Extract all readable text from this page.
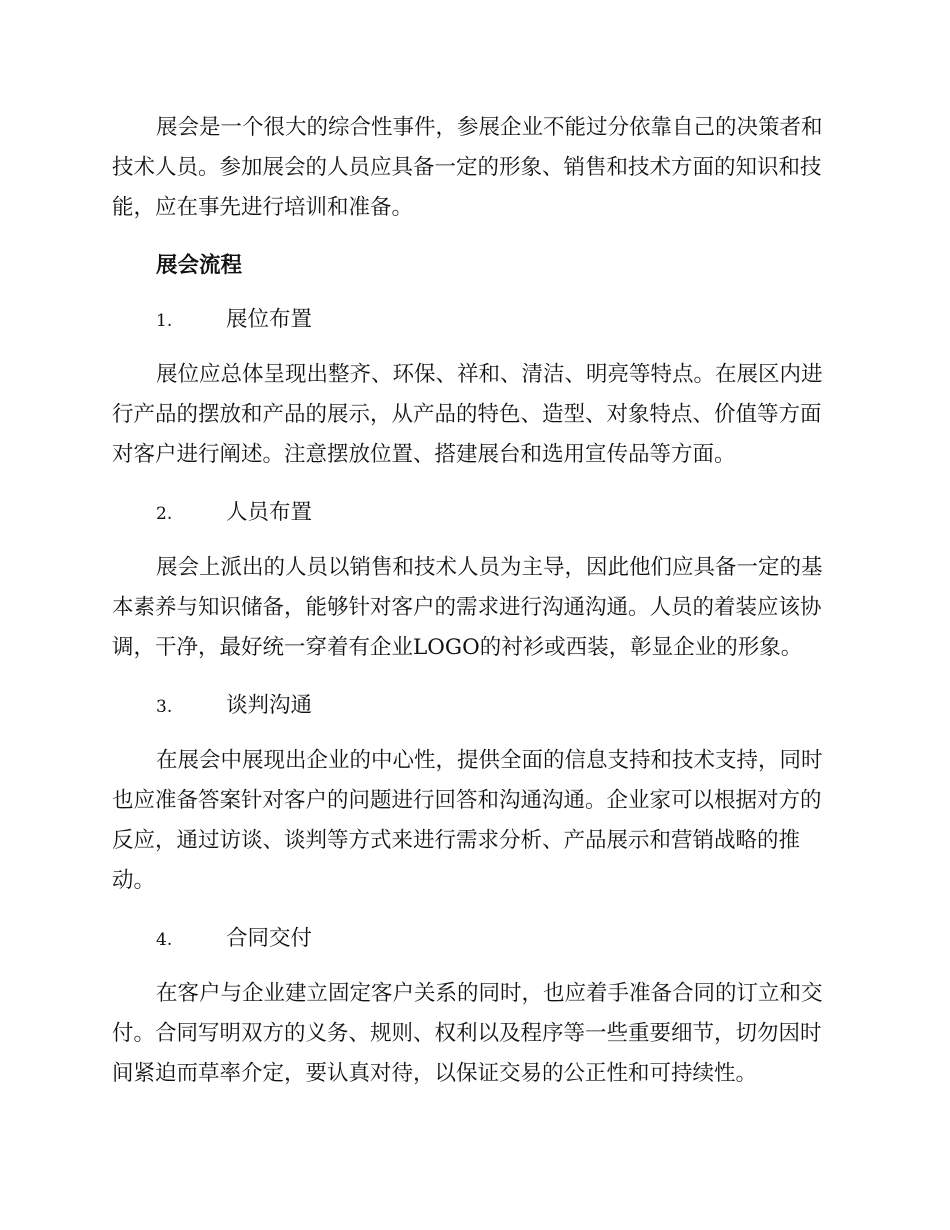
展会是一个很大的综合性事件，参展企业不能过分依靠自己的决策者和技术人员。参加展会的人员应具备一定的形象、销售和技术方面的知识和技能，应在事先进行培训和准备。

展会流程
1.	展位布置

展位应总体呈现出整齐、环保、祥和、清洁、明亮等特点。在展区内进行产品的摆放和产品的展示，从产品的特色、造型、对象特点、价值等方面对客户进行阐述。注意摆放位置、搭建展台和选用宣传品等方面。

2.	人员布置

展会上派出的人员以销售和技术人员为主导，因此他们应具备一定的基本素养与知识储备，能够针对客户的需求进行沟通沟通。人员的着装应该协调，干净，最好统一穿着有企业LOGO的衬衫或西装，彰显企业的形象。

3.	谈判沟通

在展会中展现出企业的中心性，提供全面的信息支持和技术支持，同时也应准备答案针对客户的问题进行回答和沟通沟通。企业家可以根据对方的反应，通过访谈、谈判等方式来进行需求分析、产品展示和营销战略的推动。

4.	合同交付

在客户与企业建立固定客户关系的同时，也应着手准备合同的订立和交付。合同写明双方的义务、规则、权利以及程序等一些重要细节，切勿因时间紧迫而草率介定，要认真对待，以保证交易的公正性和可持续性。
